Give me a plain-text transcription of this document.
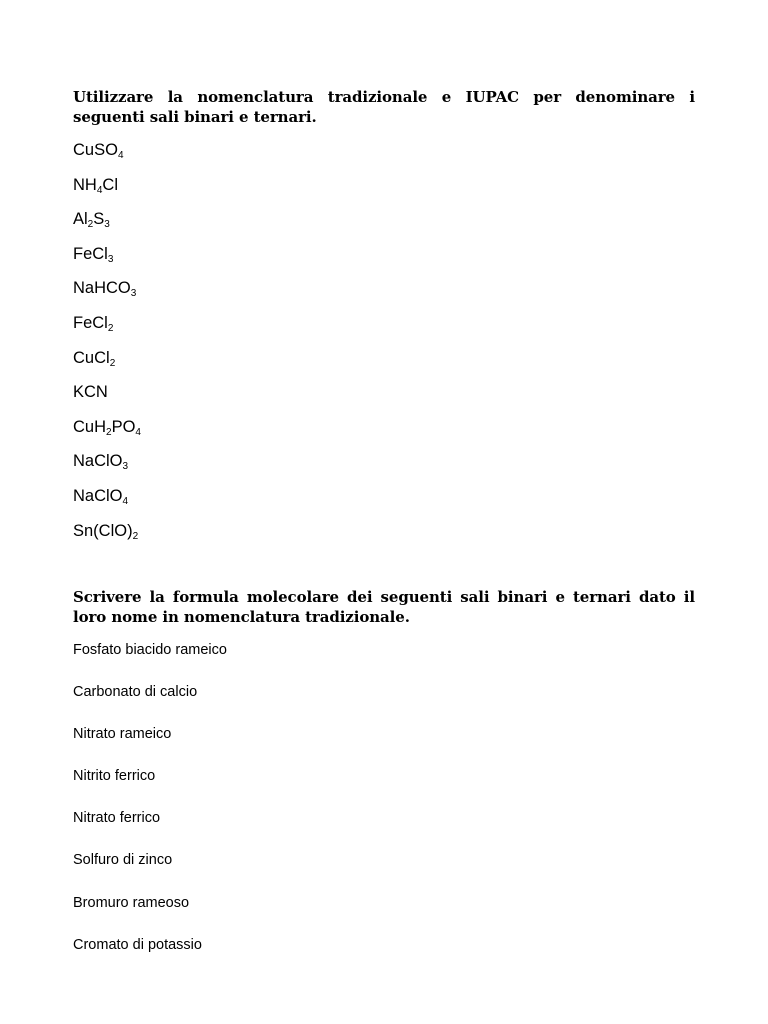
Utilizzare la nomenclatura tradizionale e IUPAC per denominare i seguenti sali binari e ternari.

CuSO$_4$
$NH_4Cl$
$Al_2S_3$
FeCl$_3$
NaHCO$_3$
FeCl$_2$
CuCl$_2$
KCN
$CuH_2PO_4$
NaClO$_3$
NaClO$_4$
$Sn(ClO)_2$

Scrivere la formula molecolare dei seguenti sali binari e ternari dato il loro nome in nomenclatura tradizionale.

Fosfato biacido rameico
Carbonato di calcio
Nitrato rameico
Nitrito ferrico
Nitrato ferrico
Solfuro di zinco
Bromuro rameoso
Cromato di potassio
